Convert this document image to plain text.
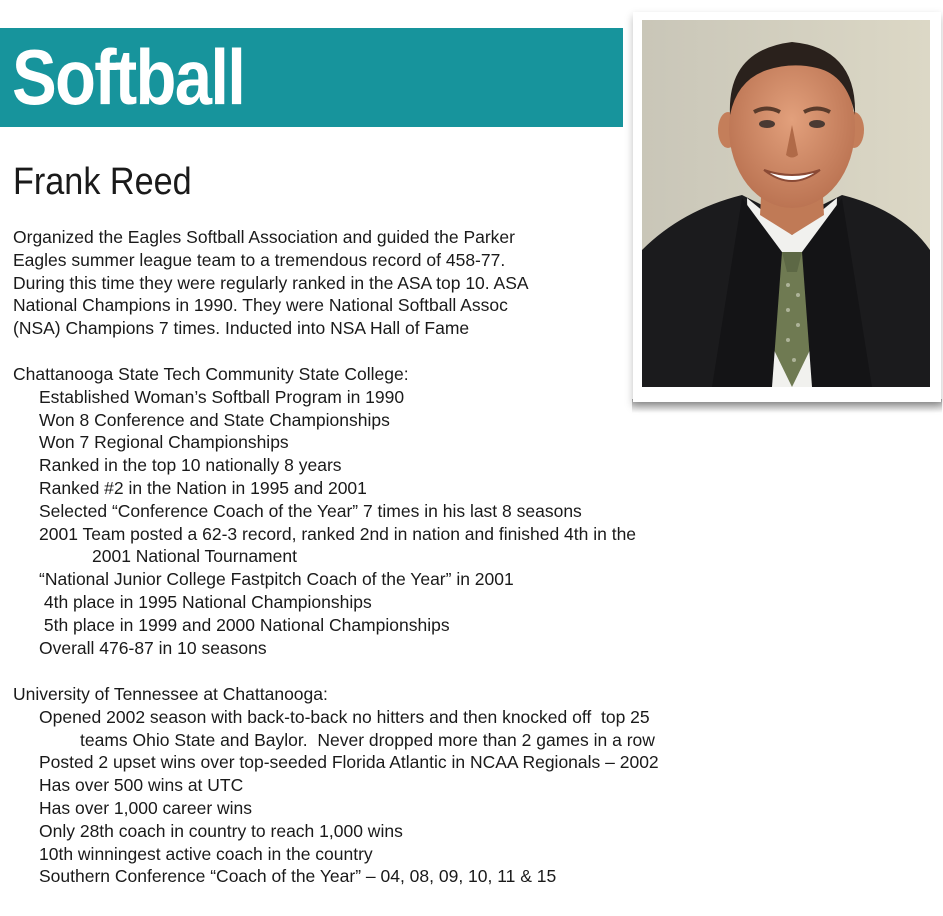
Softball
Frank Reed
Organized the Eagles Softball Association and guided the Parker
Eagles summer league team to a tremendous record of 458-77.
During this time they were regularly ranked in the ASA top 10. ASA
National Champions in 1990. They were National Softball Assoc
(NSA) Champions 7 times. Inducted into NSA Hall of Fame
Chattanooga State Tech Community State College:
Established Woman’s Softball Program in 1990
Won 8 Conference and State Championships
Won 7 Regional Championships
Ranked in the top 10 nationally 8 years
Ranked #2 in the Nation in 1995 and 2001
Selected “Conference Coach of the Year” 7 times in his last 8 seasons
2001 Team posted a 62-3 record, ranked 2nd in nation and finished 4th in the
2001 National Tournament
“National Junior College Fastpitch Coach of the Year” in 2001
4th place in 1995 National Championships
5th place in 1999 and 2000 National Championships
Overall 476-87 in 10 seasons
University of Tennessee at Chattanooga:
Opened 2002 season with back-to-back no hitters and then knocked off  top 25
teams Ohio State and Baylor.  Never dropped more than 2 games in a row
Posted 2 upset wins over top-seeded Florida Atlantic in NCAA Regionals – 2002
Has over 500 wins at UTC
Has over 1,000 career wins
Only 28th coach in country to reach 1,000 wins
10th winningest active coach in the country
Southern Conference “Coach of the Year” – 04, 08, 09, 10, 11 & 15
